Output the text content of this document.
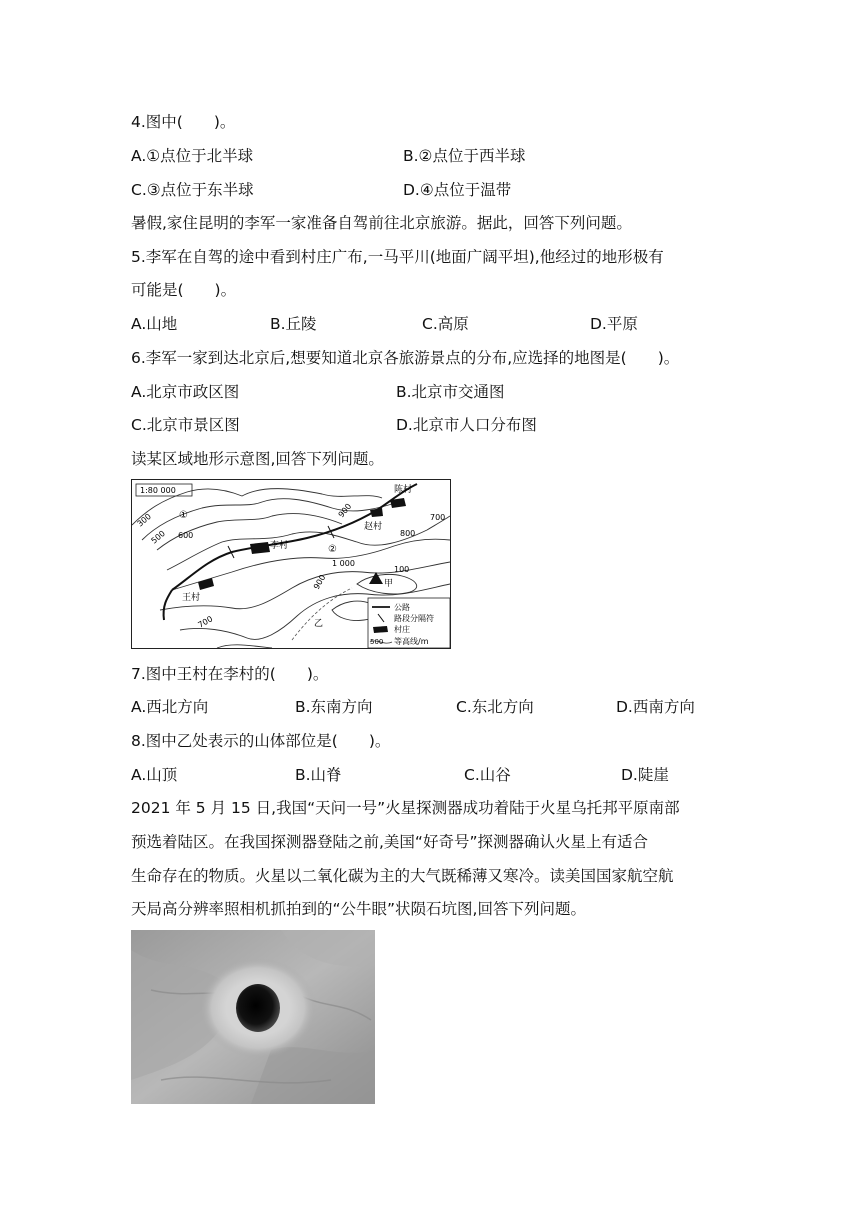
4.图中(　　)。
A.①点位于北半球	B.②点位于西半球
C.③点位于东半球	D.④点位于温带
暑假,家住昆明的李军一家准备自驾前往北京旅游。据此，回答下列问题。
5.李军在自驾的途中看到村庄广布,一马平川(地面广阔平坦),他经过的地形极有
可能是(　　)。
A.山地	B.丘陵	C.高原	D.平原
6.李军一家到达北京后,想要知道北京各旅游景点的分布,应选择的地图是(　　)。
A.北京市政区图	B.北京市交通图
C.北京市景区图	D.北京市人口分布图
读某区域地形示意图,回答下列问题。
1:80 000	陈村
赵村
李村
王村
甲
乙
①
②
300
500 600
900	700
800
1 000
100
900
700
公路
路段分隔符
村庄
500 等高线/m
7.图中王村在李村的(　　)。
A.西北方向	B.东南方向	C.东北方向	D.西南方向
8.图中乙处表示的山体部位是(　　)。
A.山顶	B.山脊	C.山谷	D.陡崖
2021 年 5 月 15 日,我国“天问一号”火星探测器成功着陆于火星乌托邦平原南部
预选着陆区。在我国探测器登陆之前,美国“好奇号”探测器确认火星上有适合
生命存在的物质。火星以二氧化碳为主的大气既稀薄又寒冷。读美国国家航空航
天局高分辨率照相机抓拍到的“公牛眼”状陨石坑图,回答下列问题。
